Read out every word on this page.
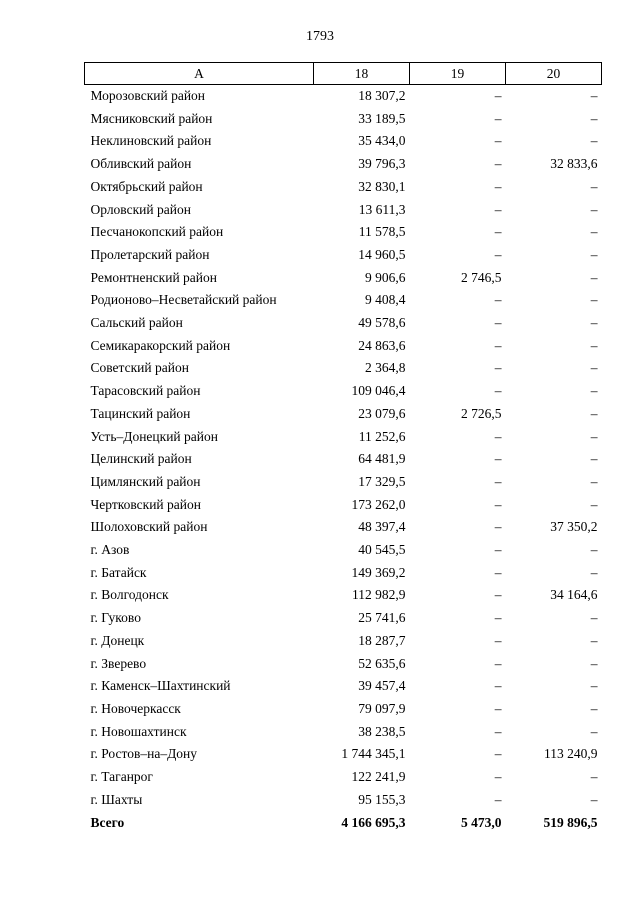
1793
А	18	19	20
Морозовский район	18 307,2	–	–
Мясниковский район	33 189,5	–	–
Неклиновский район	35 434,0	–	–
Обливский район	39 796,3	–	32 833,6
Октябрьский район	32 830,1	–	–
Орловский район	13 611,3	–	–
Песчанокопский район	11 578,5	–	–
Пролетарский район	14 960,5	–	–
Ремонтненский район	9 906,6	2 746,5	–
Родионово–Несветайский район	9 408,4	–	–
Сальский район	49 578,6	–	–
Семикаракорский район	24 863,6	–	–
Советский район	2 364,8	–	–
Тарасовский район	109 046,4	–	–
Тацинский район	23 079,6	2 726,5	–
Усть–Донецкий район	11 252,6	–	–
Целинский район	64 481,9	–	–
Цимлянский район	17 329,5	–	–
Чертковский район	173 262,0	–	–
Шолоховский район	48 397,4	–	37 350,2
г. Азов	40 545,5	–	–
г. Батайск	149 369,2	–	–
г. Волгодонск	112 982,9	–	34 164,6
г. Гуково	25 741,6	–	–
г. Донецк	18 287,7	–	–
г. Зверево	52 635,6	–	–
г. Каменск–Шахтинский	39 457,4	–	–
г. Новочеркасск	79 097,9	–	–
г. Новошахтинск	38 238,5	–	–
г. Ростов–на–Дону	1 744 345,1	–	113 240,9
г. Таганрог	122 241,9	–	–
г. Шахты	95 155,3	–	–
Всего	4 166 695,3	5 473,0	519 896,5
